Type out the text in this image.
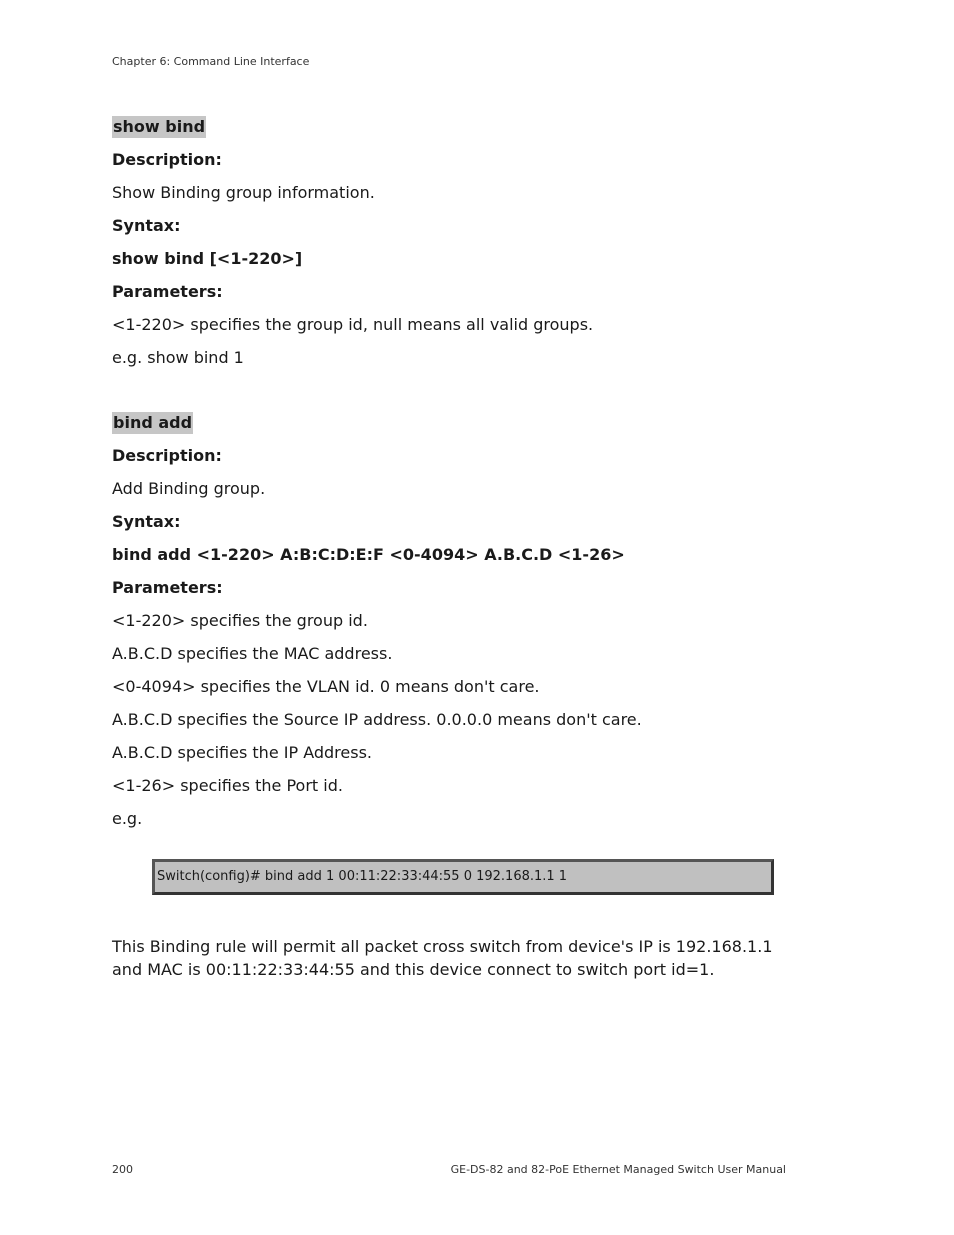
Chapter 6: Command Line Interface
show bind
Description:
Show Binding group information.
Syntax:
show bind [<1-220>]
Parameters:
<1-220> specifies the group id, null means all valid groups.
e.g. show bind 1
bind add
Description:
Add Binding group.
Syntax:
bind add <1-220> A:B:C:D:E:F <0-4094> A.B.C.D <1-26>
Parameters:
<1-220> specifies the group id.
A.B.C.D specifies the MAC address.
<0-4094> specifies the VLAN id. 0 means don't care.
A.B.C.D specifies the Source IP address. 0.0.0.0 means don't care.
A.B.C.D specifies the IP Address.
<1-26> specifies the Port id.
e.g.
Switch(config)# bind add 1 00:11:22:33:44:55 0 192.168.1.1 1
This Binding rule will permit all packet cross switch from device's IP is 192.168.1.1 and MAC is 00:11:22:33:44:55 and this device connect to switch port id=1.
200	GE-DS-82 and 82-PoE Ethernet Managed Switch User Manual
